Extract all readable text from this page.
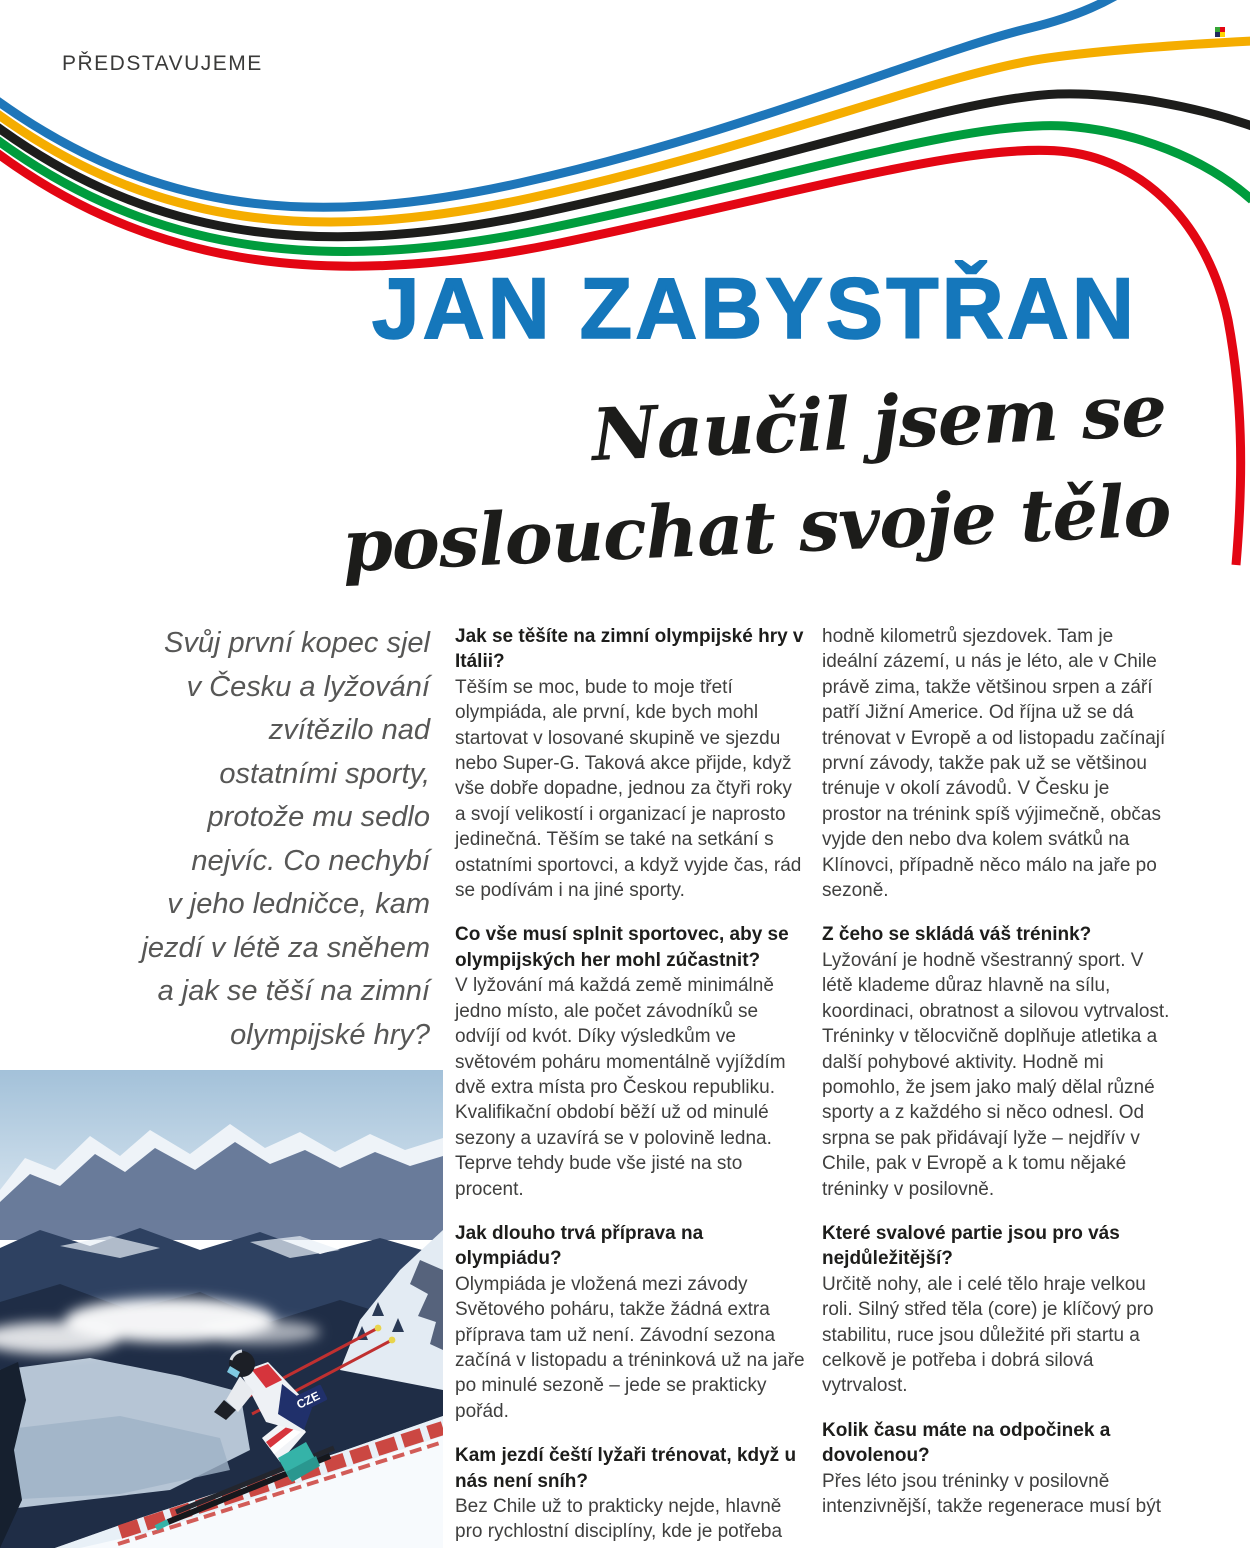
PŘEDSTAVUJEME
JAN ZABYSTŘAN
Naučil jsem se
poslouchat svoje tělo
Svůj první kopec sjel
v Česku a lyžování
zvítězilo nad
ostatními sporty,
protože mu sedlo
nejvíc. Co nechybí
v jeho ledničce, kam
jezdí v létě za sněhem
a jak se těší na zimní
olympijské hry?
Jak se těšíte na zimní olympijské hry v Itálii?

Těším se moc, bude to moje třetí olympiáda, ale první, kde bych mohl startovat v losované skupině ve sjezdu nebo Super-G. Taková akce přijde, když vše dobře dopadne, jednou za čtyři roky a svojí velikostí i organizací je naprosto jedinečná. Těším se také na setkání s ostatními sportovci, a když vyjde čas, rád se podívám i na jiné sporty.

Co vše musí splnit sportovec, aby se olympijských her mohl zúčastnit?

V lyžování má každá země minimálně jedno místo, ale počet závodníků se odvíjí od kvót. Díky výsledkům ve světovém poháru momentálně vyjíždím dvě extra místa pro Českou republiku. Kvalifikační období běží už od minulé sezony a uzavírá se v polovině ledna. Teprve tehdy bude vše jisté na sto procent.

Jak dlouho trvá příprava na olympiádu?

Olympiáda je vložená mezi závody Světového poháru, takže žádná extra příprava tam už není. Závodní sezona začíná v listopadu a tréninková už na jaře po minulé sezoně – jede se prakticky pořád.

Kam jezdí čeští lyžaři trénovat, když u nás není sníh?

Bez Chile už to prakticky nejde, hlavně pro rychlostní disciplíny, kde je potřeba

hodně kilometrů sjezdovek. Tam je ideální zázemí, u nás je léto, ale v Chile právě zima, takže většinou srpen a září patří Jižní Americe. Od října už se dá trénovat v Evropě a od listopadu začínají první závody, takže pak už se většinou trénuje v okolí závodů. V Česku je prostor na trénink spíš výjimečně, občas vyjde den nebo dva kolem svátků na Klínovci, případně něco málo na jaře po sezoně.

Z čeho se skládá váš trénink?

Lyžování je hodně všestranný sport. V létě klademe důraz hlavně na sílu, koordinaci, obratnost a silovou vytrvalost. Tréninky v tělocvičně doplňuje atletika a další pohybové aktivity. Hodně mi pomohlo, že jsem jako malý dělal různé sporty a z každého si něco odnesl. Od srpna se pak přidávají lyže – nejdřív v Chile, pak v Evropě a k tomu nějaké tréninky v posilovně.

Které svalové partie jsou pro vás nejdůležitější?

Určitě nohy, ale i celé tělo hraje velkou roli. Silný střed těla (core) je klíčový pro stabilitu, ruce jsou důležité při startu a celkově je potřeba i dobrá silová vytrvalost.

Kolik času máte na odpočinek a dovolenou?

Přes léto jsou tréninky v posilovně intenzivnější, takže regenerace musí být

CZE
